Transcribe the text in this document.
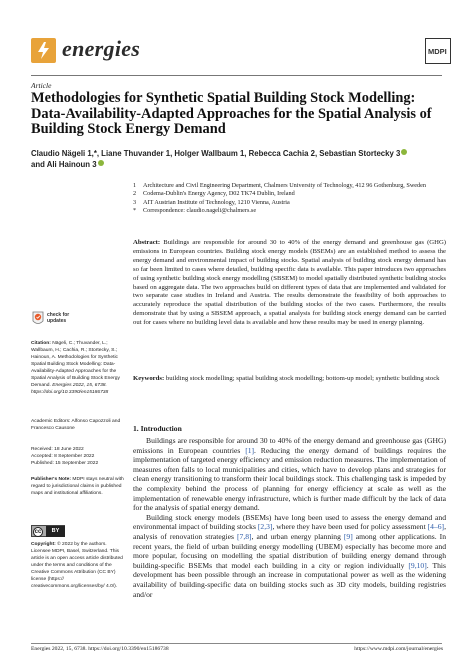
energies	MDPI
Article
Methodologies for Synthetic Spatial Building Stock Modelling: Data-Availability-Adapted Approaches for the Spatial Analysis of Building Stock Energy Demand
Claudio Nägeli 1,*, Liane Thuvander 1, Holger Wallbaum 1, Rebecca Cachia 2, Sebastian Stortecky 3
and Ali Hainoun 3
1 Architecture and Civil Engineering Department, Chalmers University of Technology, 412 96 Gothenburg, Sweden
2 Codema-Dublin's Energy Agency, D02 TK74 Dublin, Ireland
3 AIT Austrian Institute of Technology, 1210 Vienna, Austria
* Correspondence: claudio.nageli@chalmers.se
Abstract: Buildings are responsible for around 30 to 40% of the energy demand and greenhouse gas (GHG) emissions in European countries. Building stock energy models (BSEMs) are an established method to assess the energy demand and environmental impact of building stocks. Spatial analysis of building stock energy demand has so far been limited to cases where detailed, building specific data is available. This paper introduces two approaches of using synthetic building stock energy modelling (SBSEM) to model spatially distributed synthetic building stocks based on aggregate data. The two approaches build on different types of data that are implemented and validated for two separate case studies in Ireland and Austria. The results demonstrate the feasibility of both approaches to accurately reproduce the spatial distribution of the building stocks of the two cases. Furthermore, the results demonstrate that by using a SBSEM approach, a spatial analysis for building stock energy demand can be carried out for cases where no building level data is available and how these results may be used in energy planning.
Keywords: building stock modelling; spatial building stock modelling; bottom-up model; synthetic building stock
check for updates
Citation: Nägeli, C.; Thuvander, L.; Wallbaum, H.; Cachia, R.; Stortecky, S.; Hainoun, A. Methodologies for Synthetic Spatial Building Stock Modelling: Data-Availability-Adapted Approaches for the Spatial Analysis of Building Stock Energy Demand. Energies 2022, 15, 6738. https://doi.org/10.3390/en15186738
Academic Editors: Alfonso Capozzoli and Francesco Causone
Received: 18 June 2022
Accepted: 8 September 2022
Published: 15 September 2022
Publisher's Note: MDPI stays neutral with regard to jurisdictional claims in published maps and institutional affiliations.
cc	BY
Copyright: © 2022 by the authors. Licensee MDPI, Basel, Switzerland. This article is an open access article distributed under the terms and conditions of the Creative Commons Attribution (CC BY) license (https:// creativecommons.org/licenses/by/ 4.0/).
1. Introduction

Buildings are responsible for around 30 to 40% of the energy demand and greenhouse gas (GHG) emissions in European countries [1]. Reducing the energy demand of buildings requires the implementation of targeted energy efficiency and emission reduction measures. The implementation of measures often falls to local municipalities and cities, which have to develop plans and strategies for clean energy transitioning to transform their local buildings stock. This challenging task is impeded by the complexity behind the process of planning for energy efficiency at scale as well as the implementation of renewable energy infrastructure, which is further made difficult by the lack of data for the analysis of spatial energy demand.

Building stock energy models (BSEMs) have long been used to assess the energy demand and environmental impact of building stocks [2,3], where they have been used for policy assessment [4–6], analysis of renovation strategies [7,8], and urban energy planning [9] among other applications. In recent years, the field of urban building energy modelling (UBEM) especially has become more and more popular, focusing on modelling the spatial distribution of building energy demand through building-specific BSEMs that model each building in a city or region individually [9,10]. This development has been possible through an increase in computational power as well as the widening availability of building-specific data on building stocks such as 3D city models, building registries and/or

Energies 2022, 15, 6738. https://doi.org/10.3390/en15186738	https://www.mdpi.com/journal/energies
